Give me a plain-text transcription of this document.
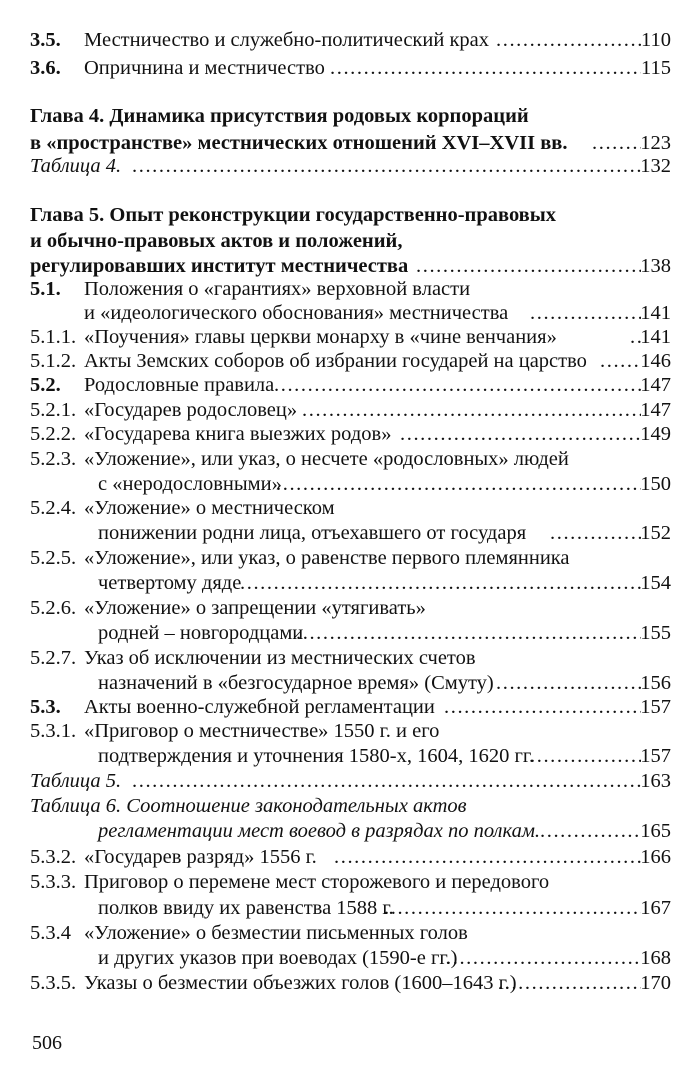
3.5. Местничество и служебно-политический крах .....	110
3.6. Опричнина и местничество .....	115
Глава 4. Динамика присутствия родовых корпораций
в «пространстве» местнических отношений XVI–XVII вв. .....	123
Таблица 4. .....	132
Глава 5. Опыт реконструкции государственно-правовых
и обычно-правовых актов и положений,
регулировавших институт местничества .....	138
5.1. Положения о «гарантиях» верховной власти
и «идеологического обоснования» местничества .....	141
5.1.1. «Поучения» главы церкви монарху в «чине венчания» .....	141
5.1.2. Акты Земских соборов об избрании государей на царство .....	146
5.2. Родословные правила .....	147
5.2.1. «Государев родословец» .....	147
5.2.2. «Государева книга выезжих родов» .....	149
5.2.3. «Уложение», или указ, о несчете «родословных» людей
с «неродословными» .....	150
5.2.4. «Уложение» о местническом
понижении родни лица, отъехавшего от государя .....	152
5.2.5. «Уложение», или указ, о равенстве первого племянника
четвертому дяде .....	154
5.2.6. «Уложение» о запрещении «утягивать»
родней – новгородцами .....	155
5.2.7. Указ об исключении из местнических счетов
назначений в «безгосударное время» (Смуту) .....	156
5.3. Акты военно-служебной регламентации .....	157
5.3.1. «Приговор о местничестве» 1550 г. и его
подтверждения и уточнения 1580-х, 1604, 1620 гг. .....	157
Таблица 5. .....	163
Таблица 6. Соотношение законодательных актов
регламентации мест воевод в разрядах по полкам. .....	165
5.3.2. «Государев разряд» 1556 г. .....	166
5.3.3. Приговор о перемене мест сторожевого и передового
полков ввиду их равенства 1588 г. .....	167
5.3.4 «Уложение» о безместии письменных голов
и других указов при воеводах (1590-е гг.) .....	168
5.3.5. Указы о безместии объезжих голов (1600–1643 г.) .....	170
506
